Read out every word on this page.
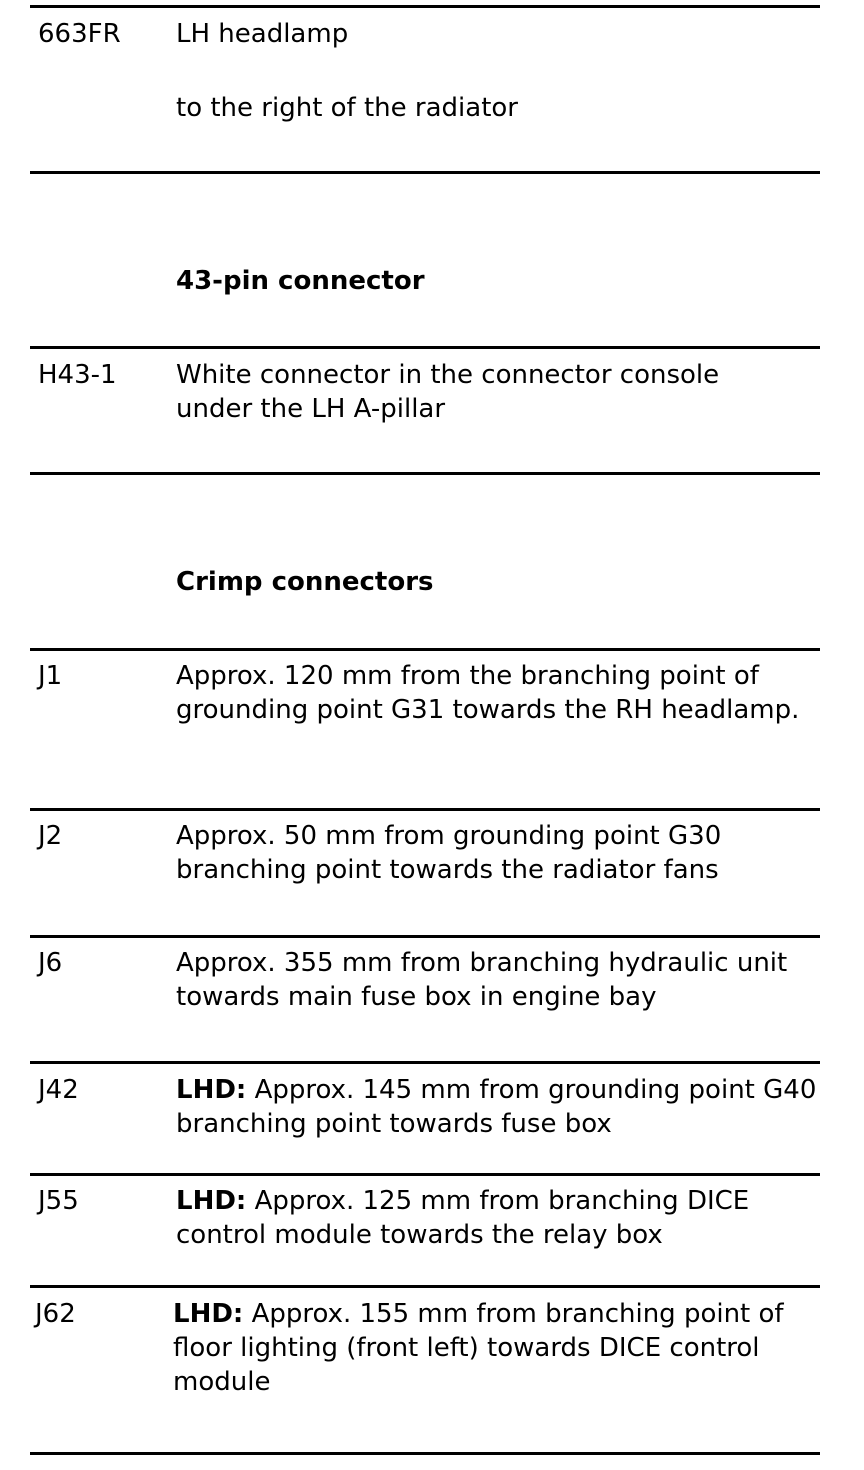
663FR LH headlamp
to the right of the radiator
43-pin connector
H43-1 White connector in the connector console under the LH A-pillar
Crimp connectors
J1	Approx. 120 mm from the branching point of grounding point G31 towards the RH headlamp.
J2	Approx. 50 mm from grounding point G30 branching point towards the radiator fans
J6	Approx. 355 mm from branching hydraulic unit towards main fuse box in engine bay
J42	LHD: Approx. 145 mm from grounding point G40 branching point towards fuse box
J55	LHD: Approx. 125 mm from branching DICE control module towards the relay box
J62	LHD: Approx. 155 mm from branching point of floor lighting (front left) towards DICE control module
